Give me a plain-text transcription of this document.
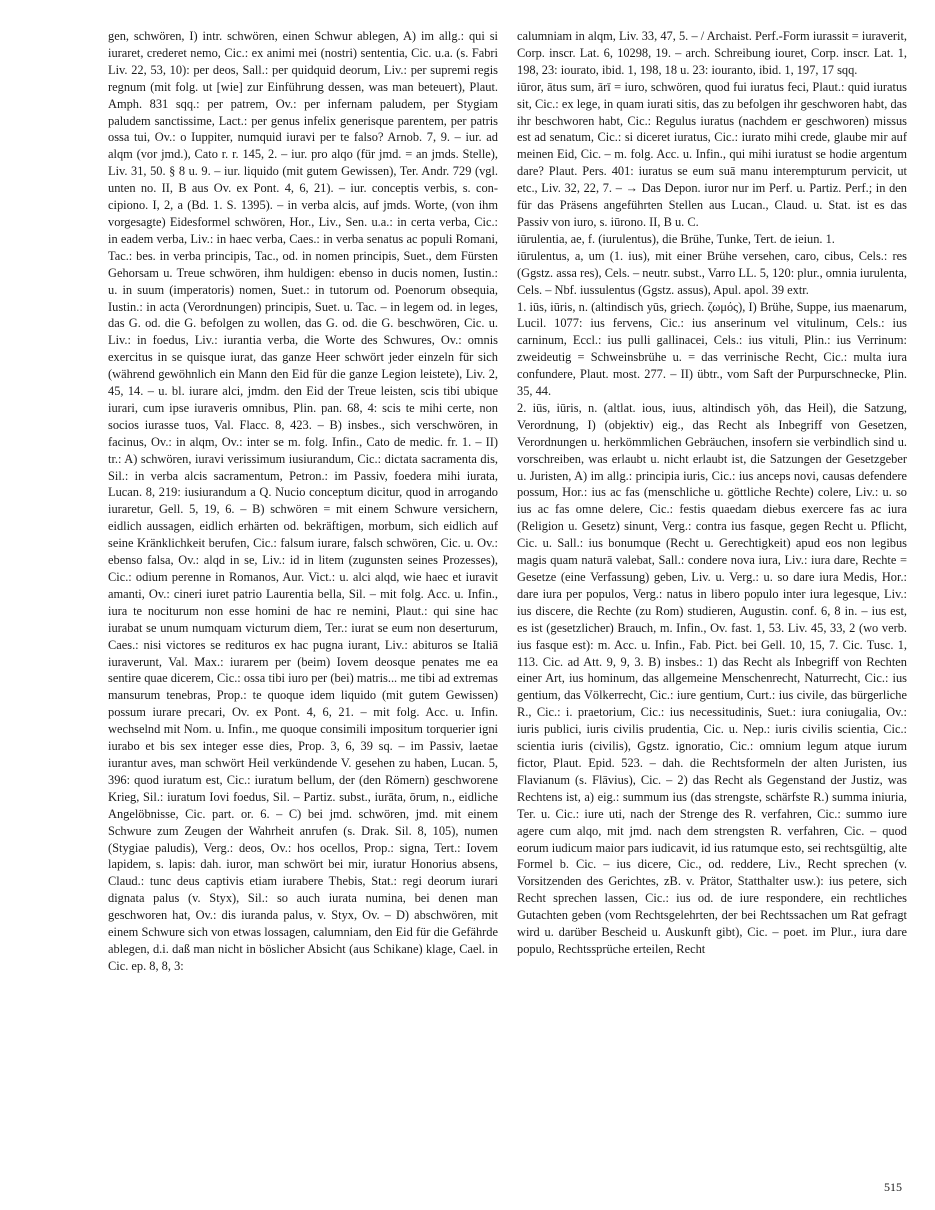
gen, schwören, I) intr. schwören, einen Schwur ablegen, A) im allg.: qui si iuraret, crederet nemo, Cic.: ex animi mei (nostri) sententia, Cic. u.a. (s. Fabri Liv. 22, 53, 10): per deos, Sall.: per quidquid deorum, Liv.: per supremi regis regnum (mit folg. ut [wie] zur Einführung dessen, was man beteuert), Plaut. Amph. 831 sqq.: per patrem, Ov.: per infernam paludem, per Stygiam paludem sanctissime, Lact.: per genus infelix generisque parentem, per patris ossa tui, Ov.: o Iuppiter, numquid iuravi per te falso? Arnob. 7, 9. – iur. ad alqm (vor jmd.), Cato r. r. 145, 2. – iur. pro alqo (für jmd. = an jmds. Stelle), Liv. 31, 50. § 8 u. 9. – iur. liquido (mit gutem Gewissen), Ter. Andr. 729 (vgl. unten no. II, B aus Ov. ex Pont. 4, 6, 21). – iur. conceptis verbis, s. con-cipiono. I, 2, a (Bd. 1. S. 1395). – in verba alcis, auf jmds. Worte, (von ihm vorgesagte) Eidesformel schwören, Hor., Liv., Sen. u.a.: in certa verba, Cic.: in eadem verba, Liv.: in haec verba, Caes.: in verba senatus ac populi Romani, Tac.: bes. in verba principis, Tac., od. in nomen principis, Suet., dem Fürsten Gehorsam u. Treue schwören, ihm huldigen: ebenso in ducis nomen, Iustin.: u. in suum (imperatoris) nomen, Suet.: in tutorum od. Poenorum obsequia, Iustin.: in acta (Verordnungen) principis, Suet. u. Tac. – in legem od. in leges, das G. od. die G. befolgen zu wollen, das G. od. die G. beschwören, Cic. u. Liv.: in foedus, Liv.: iurantia verba, die Worte des Schwures, Ov.: omnis exercitus in se quisque iurat, das ganze Heer schwört jeder einzeln für sich (während gewöhnlich ein Mann den Eid für die ganze Legion leistete), Liv. 2, 45, 14. – u. bl. iurare alci, jmdm. den Eid der Treue leisten, scis tibi ubique iurari, cum ipse iuraveris omnibus, Plin. pan. 68, 4: scis te mihi certe, non socios iurasse tuos, Val. Flacc. 8, 423. – B) insbes., sich verschwören, in facinus, Ov.: in alqm, Ov.: inter se m. folg. Infin., Cato de medic. fr. 1. – II) tr.: A) schwören, iuravi verissimum iusiurandum, Cic.: dictata sacramenta dis, Sil.: in verba alcis sacramentum, Petron.: im Passiv, foedera mihi iurata, Lucan. 8, 219: iusiurandum a Q. Nucio conceptum dicitur, quod in arrogando iuraretur, Gell. 5, 19, 6. – B) schwören = mit einem Schwure versichern, eidlich aussagen, eidlich erhärten od. bekräftigen, morbum, sich eidlich auf seine Kränklichkeit berufen, Cic.: falsum iurare, falsch schwören, Cic. u. Ov.: ebenso falsa, Ov.: alqd in se, Liv.: id in litem (zugunsten seines Prozesses), Cic.: odium perenne in Romanos, Aur. Vict.: u. alci alqd, wie haec et iuravit amanti, Ov.: cineri iuret patrio Laurentia bella, Sil. – mit folg. Acc. u. Infin., iura te nociturum non esse homini de hac re nemini, Plaut.: qui sine hac iurabat se unum numquam victurum diem, Ter.: iurat se eum non deserturum, Caes.: nisi victores se redituros ex hac pugna iurant, Liv.: abituros se Italiā iuraverunt, Val. Max.: iurarem per (beim) Iovem deosque penates me ea sentire quae dicerem, Cic.: ossa tibi iuro per (bei) matris... me tibi ad extremas mansurum tenebras, Prop.: te quoque idem liquido (mit gutem Gewissen) possum iurare precari, Ov. ex Pont. 4, 6, 21. – mit folg. Acc. u. Infin. wechselnd mit Nom. u. Infin., me quoque consimili impositum torquerier igni iurabo et bis sex integer esse dies, Prop. 3, 6, 39 sq. – im Passiv, laetae iurantur aves, man schwört Heil verkündende V. gesehen zu haben, Lucan. 5, 396: quod iuratum est, Cic.: iuratum bellum, der (den Römern) geschworene Krieg, Sil.: iuratum Iovi foedus, Sil. – Partiz. subst., iurāta, ōrum, n., eidliche Angelöbnisse, Cic. part. or. 6. – C) bei jmd. schwören, jmd. mit einem Schwure zum Zeugen der Wahrheit anrufen (s. Drak. Sil. 8, 105), numen (Stygiae paludis), Verg.: deos, Ov.: hos ocellos, Prop.: signa, Tert.: Iovem lapidem, s. lapis: dah. iuror, man schwört bei mir, iuratur Honorius absens, Claud.: tunc deus captivis etiam iurabere Thebis, Stat.: regi deorum iurari dignata palus (v. Styx), Sil.: so auch iurata numina, bei denen man geschworen hat, Ov.: dis iuranda palus, v. Styx, Ov. – D) abschwören, mit einem Schwure sich von etwas lossagen, calumniam, den Eid für die Gefährde ablegen, d.i. daß man nicht in böslicher Absicht (aus Schikane) klage, Cael. in Cic. ep. 8, 8, 3:

calumniam in alqm, Liv. 33, 47, 5. – / Archaist. Perf.-Form iurassit = iuraverit, Corp. inscr. Lat. 6, 10298, 19. – arch. Schreibung iouret, Corp. inscr. Lat. 1, 198, 23: iourato, ibid. 1, 198, 18 u. 23: iouranto, ibid. 1, 197, 17 sqq.

iūror, ātus sum, ārī = iuro, schwören, quod fui iuratus feci, Plaut.: quid iuratus sit, Cic.: ex lege, in quam iurati sitis, das zu befolgen ihr geschworen habt, das ihr beschworen habt, Cic.: Regulus iuratus (nachdem er geschworen) missus est ad senatum, Cic.: si diceret iuratus, Cic.: iurato mihi crede, glaube mir auf meinen Eid, Cic. – m. folg. Acc. u. Infin., qui mihi iuratust se hodie argentum dare? Plaut. Pers. 401: iuratus se eum suā manu interempturum pervicit, ut etc., Liv. 32, 22, 7. – → Das Depon. iuror nur im Perf. u. Partiz. Perf.; in den für das Präsens angeführten Stellen aus Lucan., Claud. u. Stat. ist es das Passiv von iuro, s. iūrono. II, B u. C.

iūrulentia, ae, f. (iurulentus), die Brühe, Tunke, Tert. de ieiun. 1.

iūrulentus, a, um (1. ius), mit einer Brühe versehen, caro, cibus, Cels.: res (Ggstz. assa res), Cels. – neutr. subst., Varro LL. 5, 120: plur., omnia iurulenta, Cels. – Nbf. iussulentus (Ggstz. assus), Apul. apol. 39 extr.

1. iūs, iūris, n. (altindisch yūs, griech. ζωμός), I) Brühe, Suppe, ius maenarum, Lucil. 1077: ius fervens, Cic.: ius anserinum vel vitulinum, Cels.: ius carninum, Eccl.: ius pulli gallinacei, Cels.: ius vituli, Plin.: ius Verrinum: zweideutig = Schweinsbrühe u. = das verrinische Recht, Cic.: multa iura confundere, Plaut. most. 277. – II) übtr., vom Saft der Purpurschnecke, Plin. 35, 44.

2. iūs, iūris, n. (altlat. ious, iuus, altindisch yōh, das Heil), die Satzung, Verordnung, I) (objektiv) eig., das Recht als Inbegriff von Gesetzen, Verordnungen u. herkömmlichen Gebräuchen, insofern sie verbindlich sind u. vorschreiben, was erlaubt u. nicht erlaubt ist, die Satzungen der Gesetzgeber u. Juristen, A) im allg.: principia iuris, Cic.: ius anceps novi, causas defendere possum, Hor.: ius ac fas (menschliche u. göttliche Rechte) colere, Liv.: u. so ius ac fas omne delere, Cic.: festis quaedam diebus exercere fas ac iura (Religion u. Gesetz) sinunt, Verg.: contra ius fasque, gegen Recht u. Pflicht, Cic. u. Sall.: ius bonumque (Recht u. Gerechtigkeit) apud eos non legibus magis quam naturā valebat, Sall.: condere nova iura, Liv.: iura dare, Rechte = Gesetze (eine Verfassung) geben, Liv. u. Verg.: u. so dare iura Medis, Hor.: dare iura per populos, Verg.: natus in libero populo inter iura legesque, Liv.: ius discere, die Rechte (zu Rom) studieren, Augustin. conf. 6, 8 in. – ius est, es ist (gesetzlicher) Brauch, m. Infin., Ov. fast. 1, 53. Liv. 45, 33, 2 (wo verb. ius fasque est): m. Acc. u. Infin., Fab. Pict. bei Gell. 10, 15, 7. Cic. Tusc. 1, 113. Cic. ad Att. 9, 9, 3. B) insbes.: 1) das Recht als Inbegriff von Rechten einer Art, ius hominum, das allgemeine Menschenrecht, Naturrecht, Cic.: ius gentium, das Völkerrecht, Cic.: iure gentium, Curt.: ius civile, das bürgerliche R., Cic.: i. praetorium, Cic.: ius necessitudinis, Suet.: iura coniugalia, Ov.: iuris publici, iuris civilis prudentia, Cic. u. Nep.: iuris civilis scientia, Cic.: scientia iuris (civilis), Ggstz. ignoratio, Cic.: omnium legum atque iurum fictor, Plaut. Epid. 523. – dah. die Rechtsformeln der alten Juristen, ius Flavianum (s. Flāvius), Cic. – 2) das Recht als Gegenstand der Justiz, was Rechtens ist, a) eig.: summum ius (das strengste, schärfste R.) summa iniuria, Ter. u. Cic.: iure uti, nach der Strenge des R. verfahren, Cic.: summo iure agere cum alqo, mit jmd. nach dem strengsten R. verfahren, Cic. – quod eorum iudicum maior pars iudicavit, id ius ratumque esto, sei rechtsgültig, alte Formel b. Cic. – ius dicere, Cic., od. reddere, Liv., Recht sprechen (v. Vorsitzenden des Gerichtes, zB. v. Prätor, Statthalter usw.): ius petere, sich Recht sprechen lassen, Cic.: ius od. de iure respondere, ein rechtliches Gutachten geben (vom Rechtsgelehrten, der bei Rechtssachen um Rat gefragt wird u. darüber Bescheid u. Auskunft gibt), Cic. – poet. im Plur., iura dare populo, Rechtssprüche erteilen, Recht

515
